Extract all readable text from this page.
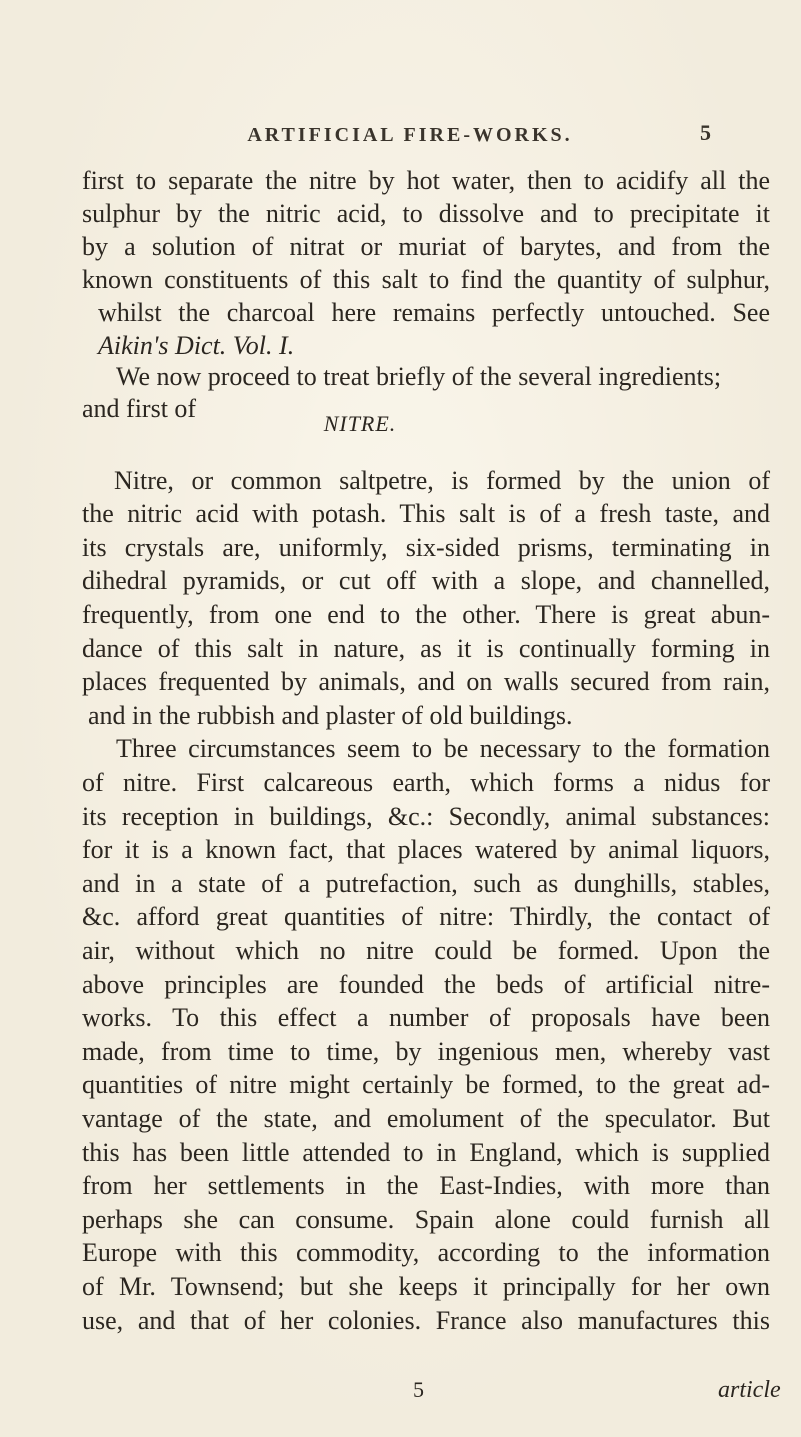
ARTIFICIAL FIRE-WORKS.	5
first to separate the nitre by hot water, then to acidify all the
sulphur by the nitric acid, to dissolve and to precipitate it
by a solution of nitrat or muriat of barytes, and from the
known constituents of this salt to find the quantity of sulphur,
whilst the charcoal here remains perfectly untouched. See
Aikin's Dict. Vol. I.
We now proceed to treat briefly of the several ingredients;
and first of
NITRE.
Nitre, or common saltpetre, is formed by the union of
the nitric acid with potash. This salt is of a fresh taste, and
its crystals are, uniformly, six-sided prisms, terminating in
dihedral pyramids, or cut off with a slope, and channelled,
frequently, from one end to the other. There is great abun-
dance of this salt in nature, as it is continually forming in
places frequented by animals, and on walls secured from rain,
and in the rubbish and plaster of old buildings.
Three circumstances seem to be necessary to the formation
of nitre. First calcareous earth, which forms a nidus for
its reception in buildings, &c.: Secondly, animal substances:
for it is a known fact, that places watered by animal liquors,
and in a state of a putrefaction, such as dunghills, stables,
&c. afford great quantities of nitre: Thirdly, the contact of
air, without which no nitre could be formed. Upon the
above principles are founded the beds of artificial nitre-
works. To this effect a number of proposals have been
made, from time to time, by ingenious men, whereby vast
quantities of nitre might certainly be formed, to the great ad-
vantage of the state, and emolument of the speculator. But
this has been little attended to in England, which is supplied
from her settlements in the East-Indies, with more than
perhaps she can consume. Spain alone could furnish all
Europe with this commodity, according to the information
of Mr. Townsend; but she keeps it principally for her own
use, and that of her colonies. France also manufactures this
5	article
